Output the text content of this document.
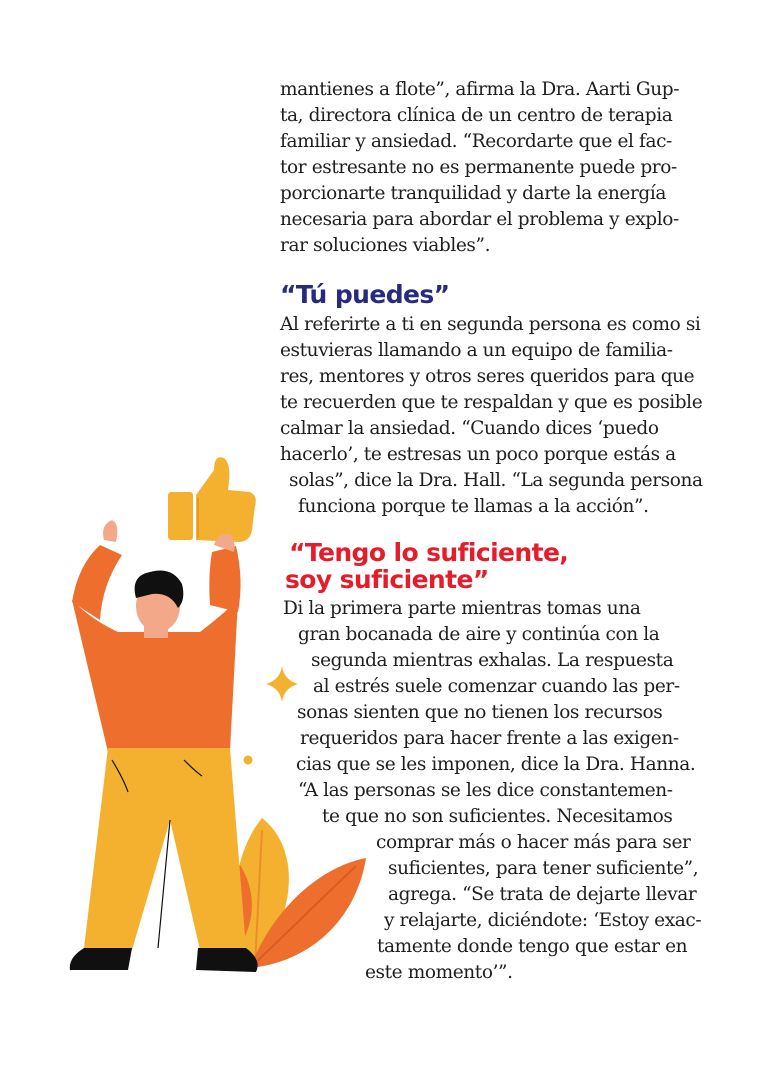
mantienes a flote”, afirma la Dra. Aarti Gup-
ta, directora clínica de un centro de terapia
familiar y ansiedad. “Recordarte que el fac-
tor estresante no es permanente puede pro-
porcionarte tranquilidad y darte la energía
necesaria para abordar el problema y explo-
rar soluciones viables”.
“Tú puedes”
Al referirte a ti en segunda persona es como si
estuvieras llamando a un equipo de familia-
res, mentores y otros seres queridos para que
te recuerden que te respaldan y que es posible
calmar la ansiedad. “Cuando dices ‘puedo
hacerlo’, te estresas un poco porque estás a
solas”, dice la Dra. Hall. “La segunda persona
funciona porque te llamas a la acción”.
“Tengo lo suficiente,
soy suficiente”
Di la primera parte mientras tomas una
gran bocanada de aire y continúa con la
segunda mientras exhalas. La respuesta
al estrés suele comenzar cuando las per-
sonas sienten que no tienen los recursos
requeridos para hacer frente a las exigen-
cias que se les imponen, dice la Dra. Hanna.
“A las personas se les dice constantemen-
te que no son suficientes. Necesitamos
comprar más o hacer más para ser
suficientes, para tener suficiente”,
agrega. “Se trata de dejarte llevar
y relajarte, diciéndote: ‘Estoy exac-
tamente donde tengo que estar en
este momento’”.
